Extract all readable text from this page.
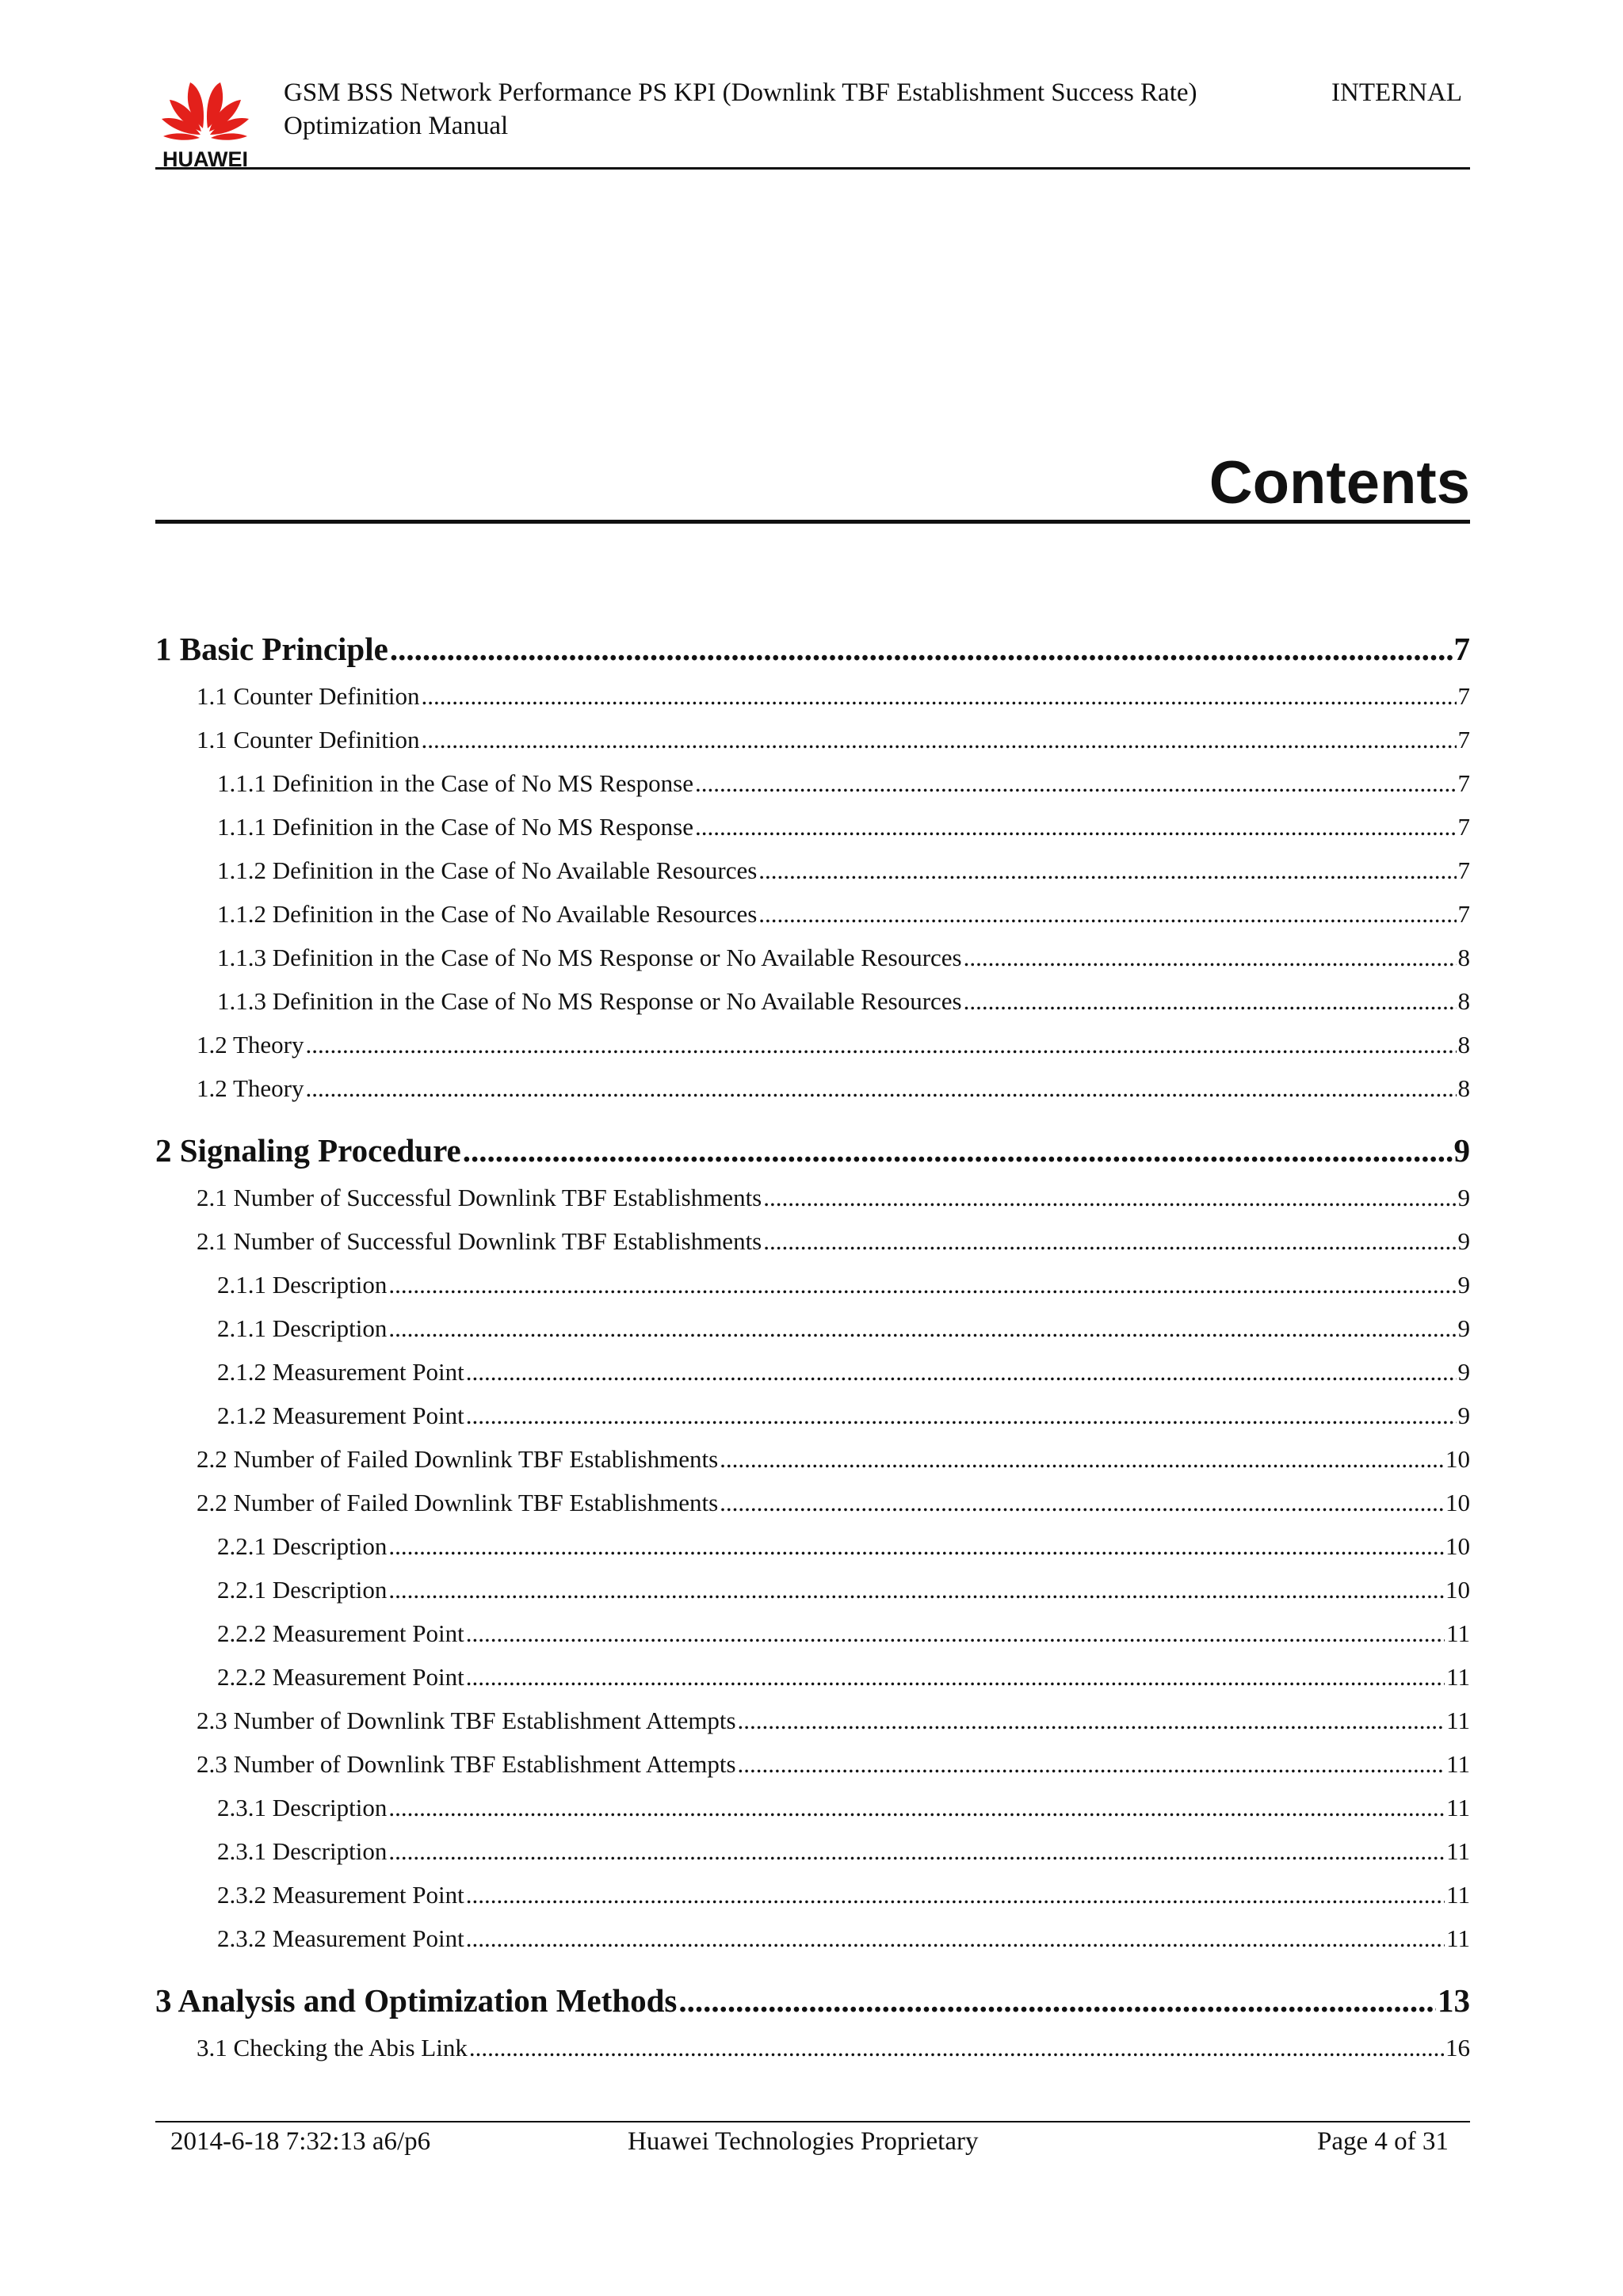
HUAWEI
GSM BSS Network Performance PS KPI (Downlink TBF Establishment Success Rate)
Optimization Manual
INTERNAL
Contents
1 Basic Principle .....	7
1.1 Counter Definition .....	7
1.1 Counter Definition .....	7
1.1.1 Definition in the Case of No MS Response .....	7
1.1.1 Definition in the Case of No MS Response .....	7
1.1.2 Definition in the Case of No Available Resources .....	7
1.1.2 Definition in the Case of No Available Resources .....	7
1.1.3 Definition in the Case of No MS Response or No Available Resources .....	8
1.1.3 Definition in the Case of No MS Response or No Available Resources .....	8
1.2 Theory .....	8
1.2 Theory .....	8
2 Signaling Procedure .....	9
2.1 Number of Successful Downlink TBF Establishments .....	9
2.1 Number of Successful Downlink TBF Establishments .....	9
2.1.1 Description .....	9
2.1.1 Description .....	9
2.1.2 Measurement Point .....	9
2.1.2 Measurement Point .....	9
2.2 Number of Failed Downlink TBF Establishments .....	10
2.2 Number of Failed Downlink TBF Establishments .....	10
2.2.1 Description .....	10
2.2.1 Description .....	10
2.2.2 Measurement Point .....	11
2.2.2 Measurement Point .....	11
2.3 Number of Downlink TBF Establishment Attempts .....	11
2.3 Number of Downlink TBF Establishment Attempts .....	11
2.3.1 Description .....	11
2.3.1 Description .....	11
2.3.2 Measurement Point .....	11
2.3.2 Measurement Point .....	11
3 Analysis and Optimization Methods .....	13
3.1 Checking the Abis Link .....	16
2014-6-18 7:32:13 a6/p6	Huawei Technologies Proprietary	Page 4 of 31
